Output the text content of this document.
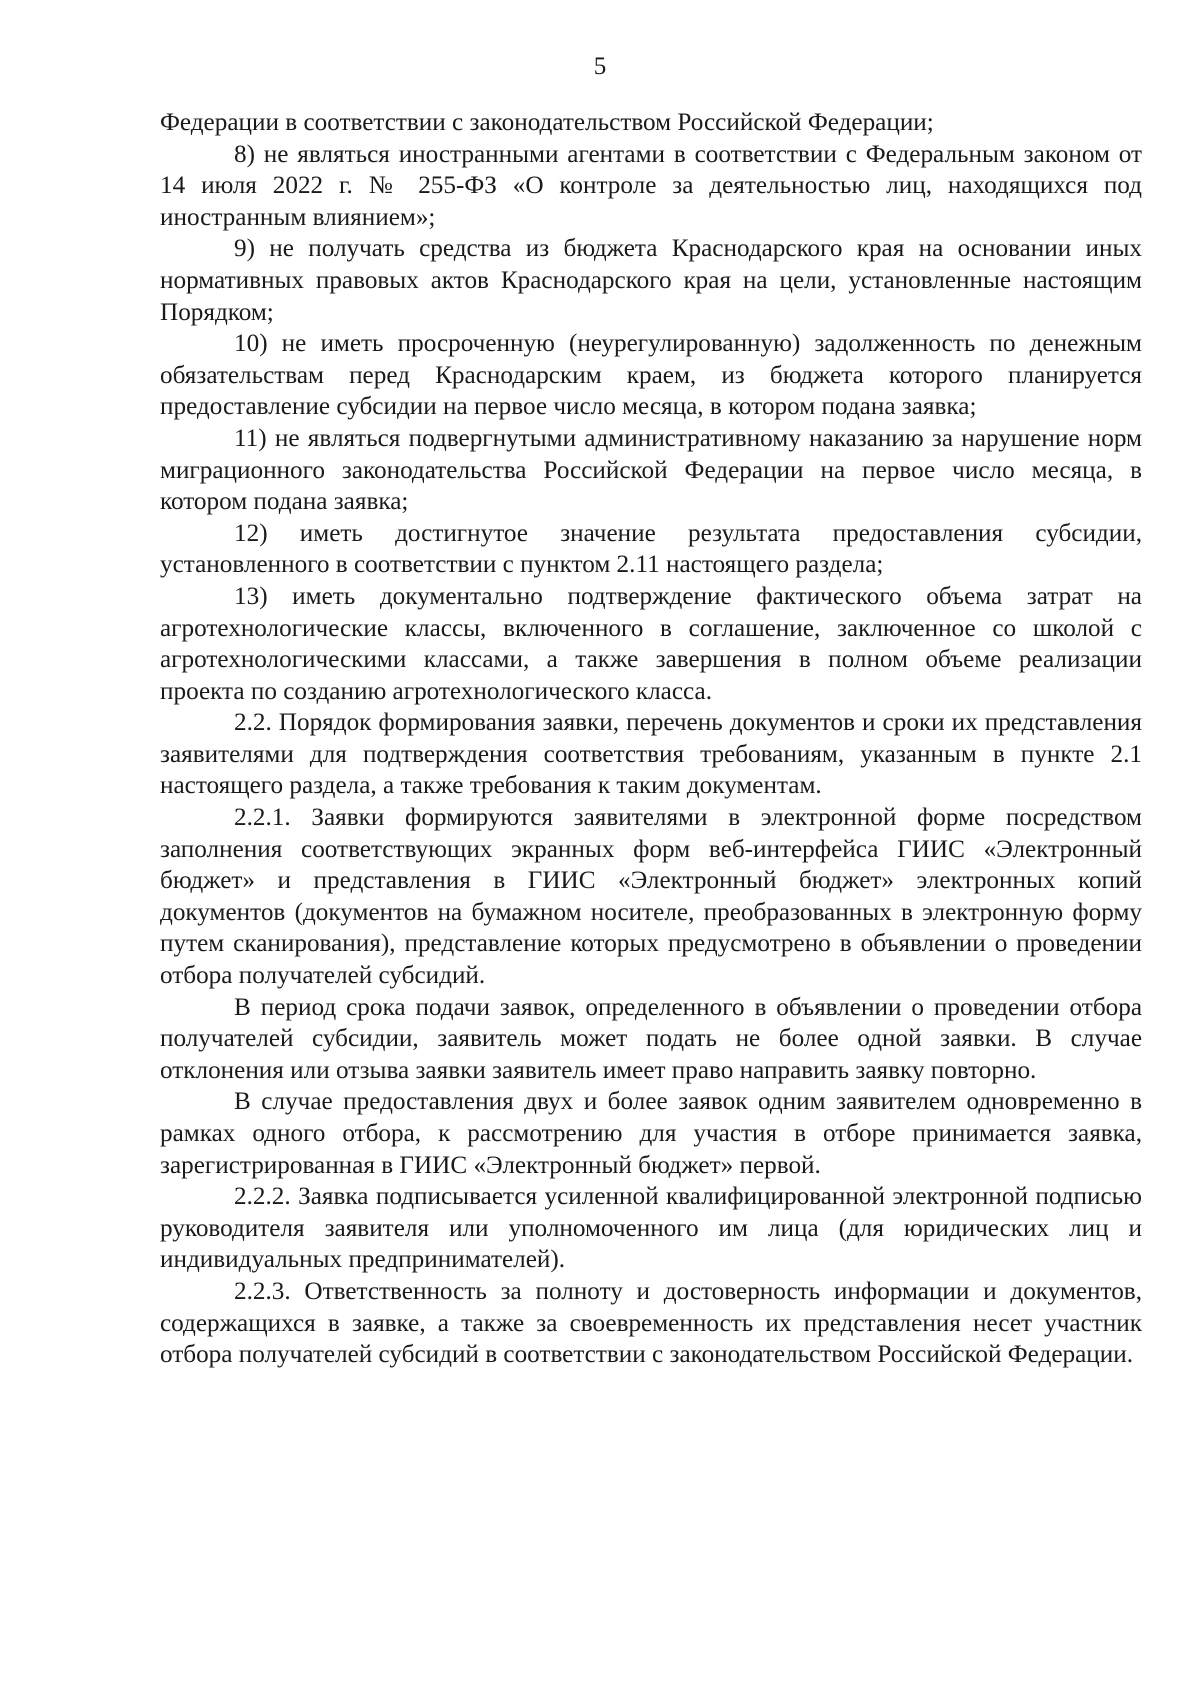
5

Федерации в соответствии с законодательством Российской Федерации;

8) не являться иностранными агентами в соответствии с Федеральным законом от 14 июля 2022 г. № 255-ФЗ «О контроле за деятельностью лиц, находящихся под иностранным влиянием»;

9) не получать средства из бюджета Краснодарского края на основании иных нормативных правовых актов Краснодарского края на цели, установленные настоящим Порядком;

10) не иметь просроченную (неурегулированную) задолженность по денежным обязательствам перед Краснодарским краем, из бюджета которого планируется предоставление субсидии на первое число месяца, в котором подана заявка;

11) не являться подвергнутыми административному наказанию за нарушение норм миграционного законодательства Российской Федерации на первое число месяца, в котором подана заявка;

12) иметь достигнутое значение результата предоставления субсидии, установленного в соответствии с пунктом 2.11 настоящего раздела;

13) иметь документально подтверждение фактического объема затрат на агротехнологические классы, включенного в соглашение, заключенное со школой с агротехнологическими классами, а также завершения в полном объеме реализации проекта по созданию агротехнологического класса.

2.2. Порядок формирования заявки, перечень документов и сроки их представления заявителями для подтверждения соответствия требованиям, указанным в пункте 2.1 настоящего раздела, а также требования к таким документам.

2.2.1. Заявки формируются заявителями в электронной форме посредством заполнения соответствующих экранных форм веб-интерфейса ГИИС «Электронный бюджет» и представления в ГИИС «Электронный бюджет» электронных копий документов (документов на бумажном носителе, преобразованных в электронную форму путем сканирования), представление которых предусмотрено в объявлении о проведении отбора получателей субсидий.

В период срока подачи заявок, определенного в объявлении о проведении отбора получателей субсидии, заявитель может подать не более одной заявки. В случае отклонения или отзыва заявки заявитель имеет право направить заявку повторно.

В случае предоставления двух и более заявок одним заявителем одновременно в рамках одного отбора, к рассмотрению для участия в отборе принимается заявка, зарегистрированная в ГИИС «Электронный бюджет» первой.

2.2.2. Заявка подписывается усиленной квалифицированной электронной подписью руководителя заявителя или уполномоченного им лица (для юридических лиц и индивидуальных предпринимателей).

2.2.3. Ответственность за полноту и достоверность информации и документов, содержащихся в заявке, а также за своевременность их представления несет участник отбора получателей субсидий в соответствии с законодательством Российской Федерации.
